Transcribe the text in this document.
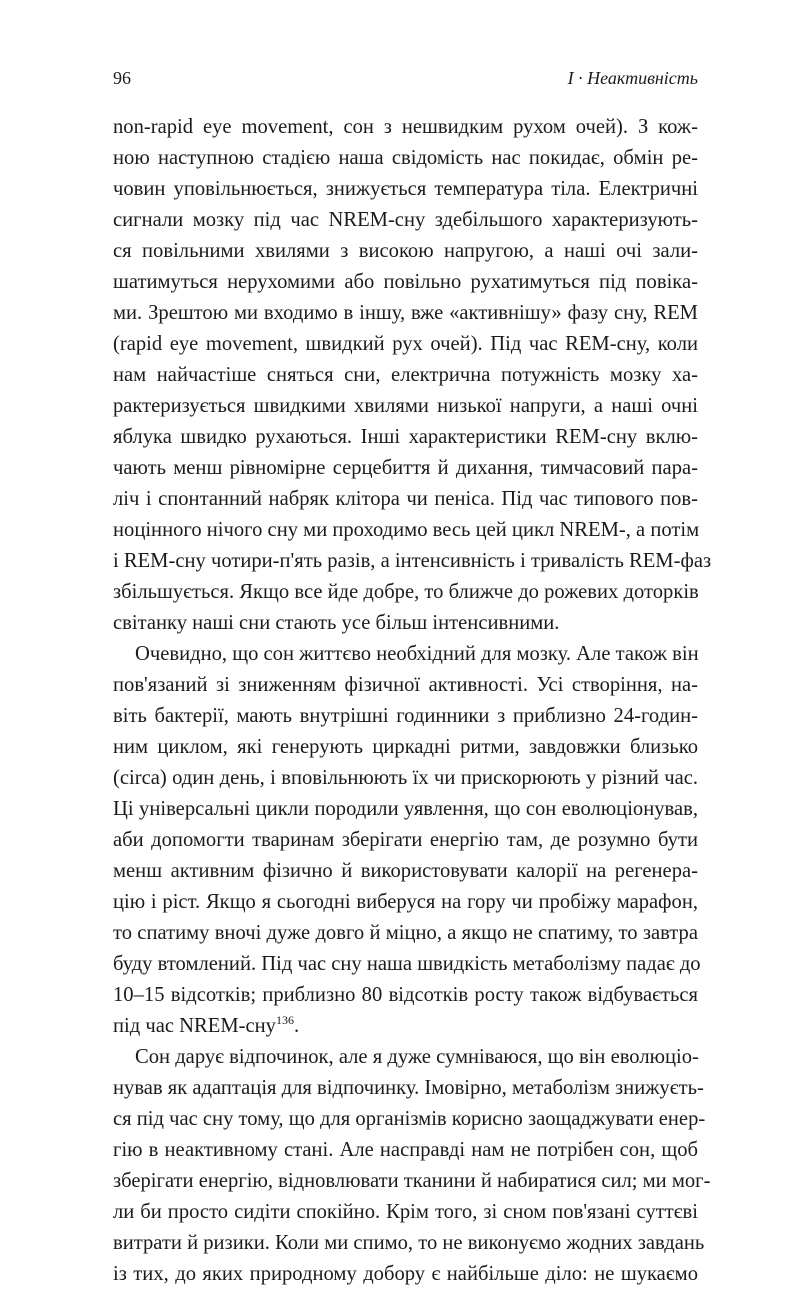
96	І · Неактивність
non-rapid eye movement, сон з нешвидким рухом очей). З кож-
ною наступною стадією наша свідомість нас покидає, обмін ре-
човин уповільнюється, знижується температура тіла. Електричні
сигнали мозку під час NREM-сну здебільшого характеризують-
ся повільними хвилями з високою напругою, а наші очі зали-
шатимуться нерухомими або повільно рухатимуться під повіка-
ми. Зрештою ми входимо в іншу, вже «активнішу» фазу сну, REM
(rapid eye movement, швидкий рух очей). Під час REM-сну, коли
нам найчастіше сняться сни, електрична потужність мозку ха-
рактеризується швидкими хвилями низької напруги, а наші очні
яблука швидко рухаються. Інші характеристики REM-сну вклю-
чають менш рівномірне серцебиття й дихання, тимчасовий пара-
ліч і спонтанний набряк клітора чи пеніса. Під час типового пов-
ноцінного нічого сну ми проходимо весь цей цикл NREM-, а потім
і REM-сну чотири-п'ять разів, а інтенсивність і тривалість REM-фаз
збільшується. Якщо все йде добре, то ближче до рожевих доторків
світанку наші сни стають усе більш інтенсивними.
Очевидно, що сон життєво необхідний для мозку. Але також він
пов'язаний зі зниженням фізичної активності. Усі створіння, на-
віть бактерії, мають внутрішні годинники з приблизно 24-годин-
ним циклом, які генерують циркадні ритми, завдовжки близько
(circa) один день, і вповільнюють їх чи прискорюють у різний час.
Ці універсальні цикли породили уявлення, що сон еволюціонував,
аби допомогти тваринам зберігати енергію там, де розумно бути
менш активним фізично й використовувати калорії на регенера-
цію і ріст. Якщо я сьогодні виберуся на гору чи пробіжу марафон,
то спатиму вночі дуже довго й міцно, а якщо не спатиму, то завтра
буду втомлений. Під час сну наша швидкість метаболізму падає до
10–15 відсотків; приблизно 80 відсотків росту також відбувається
під час NREM-сну$^{136}$.
Сон дарує відпочинок, але я дуже сумніваюся, що він еволюціо-
нував як адаптація для відпочинку. Імовірно, метаболізм знижуєть-
ся під час сну тому, що для організмів корисно заощаджувати енер-
гію в неактивному стані. Але насправді нам не потрібен сон, щоб
зберігати енергію, відновлювати тканини й набиратися сил; ми мог-
ли би просто сидіти спокійно. Крім того, зі сном пов'язані суттєві
витрати й ризики. Коли ми спимо, то не виконуємо жодних завдань
із тих, до яких природному добору є найбільше діло: не шукаємо
